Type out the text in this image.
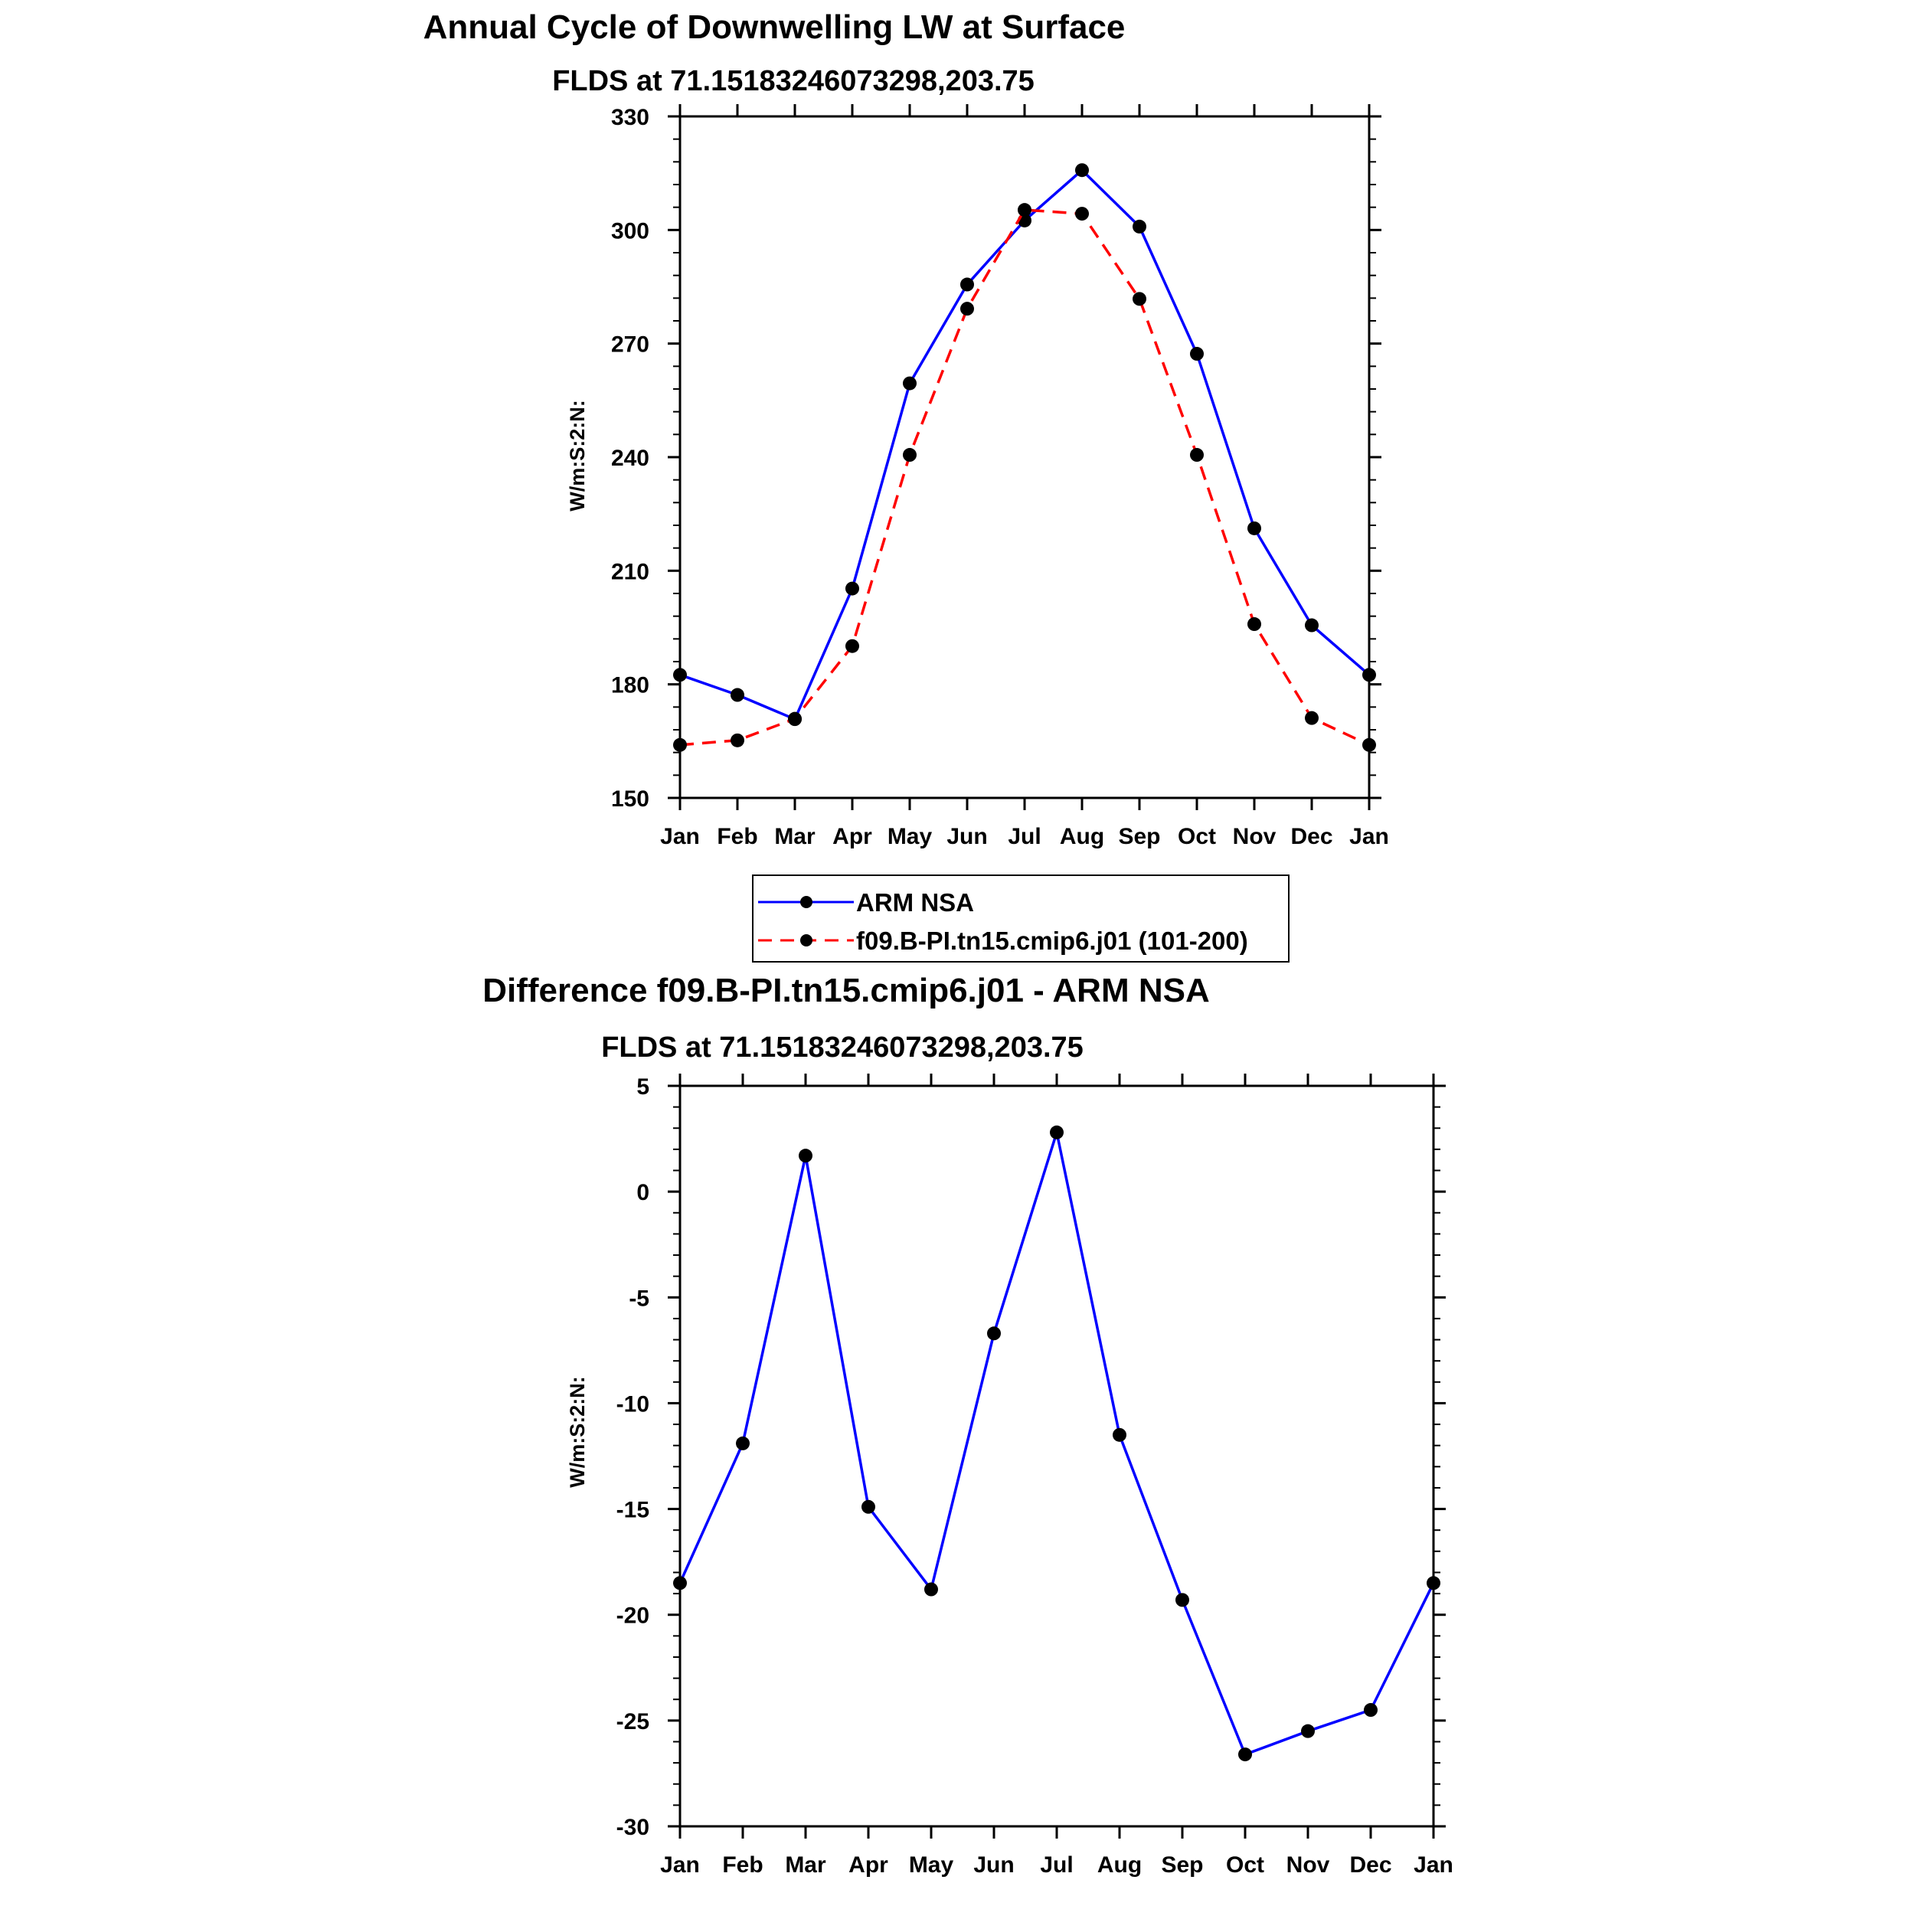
Annual Cycle of Downwelling LW at Surface
FLDS at 71.15183246073298,203.75
W/m:S:2:N:
Jan Feb Mar Apr May Jun Jul Aug Sep Oct Nov Dec Jan
150
180
210
240
270
300
330
ARM NSA
f09.B-PI.tn15.cmip6.j01 (101-200)
Difference f09.B-PI.tn15.cmip6.j01 - ARM NSA
FLDS at 71.15183246073298,203.75
W/m:S:2:N:
Jan Feb Mar Apr May Jun Jul Aug Sep Oct Nov Dec Jan
-30
-25
-20
-15
-10
-5
0
5
